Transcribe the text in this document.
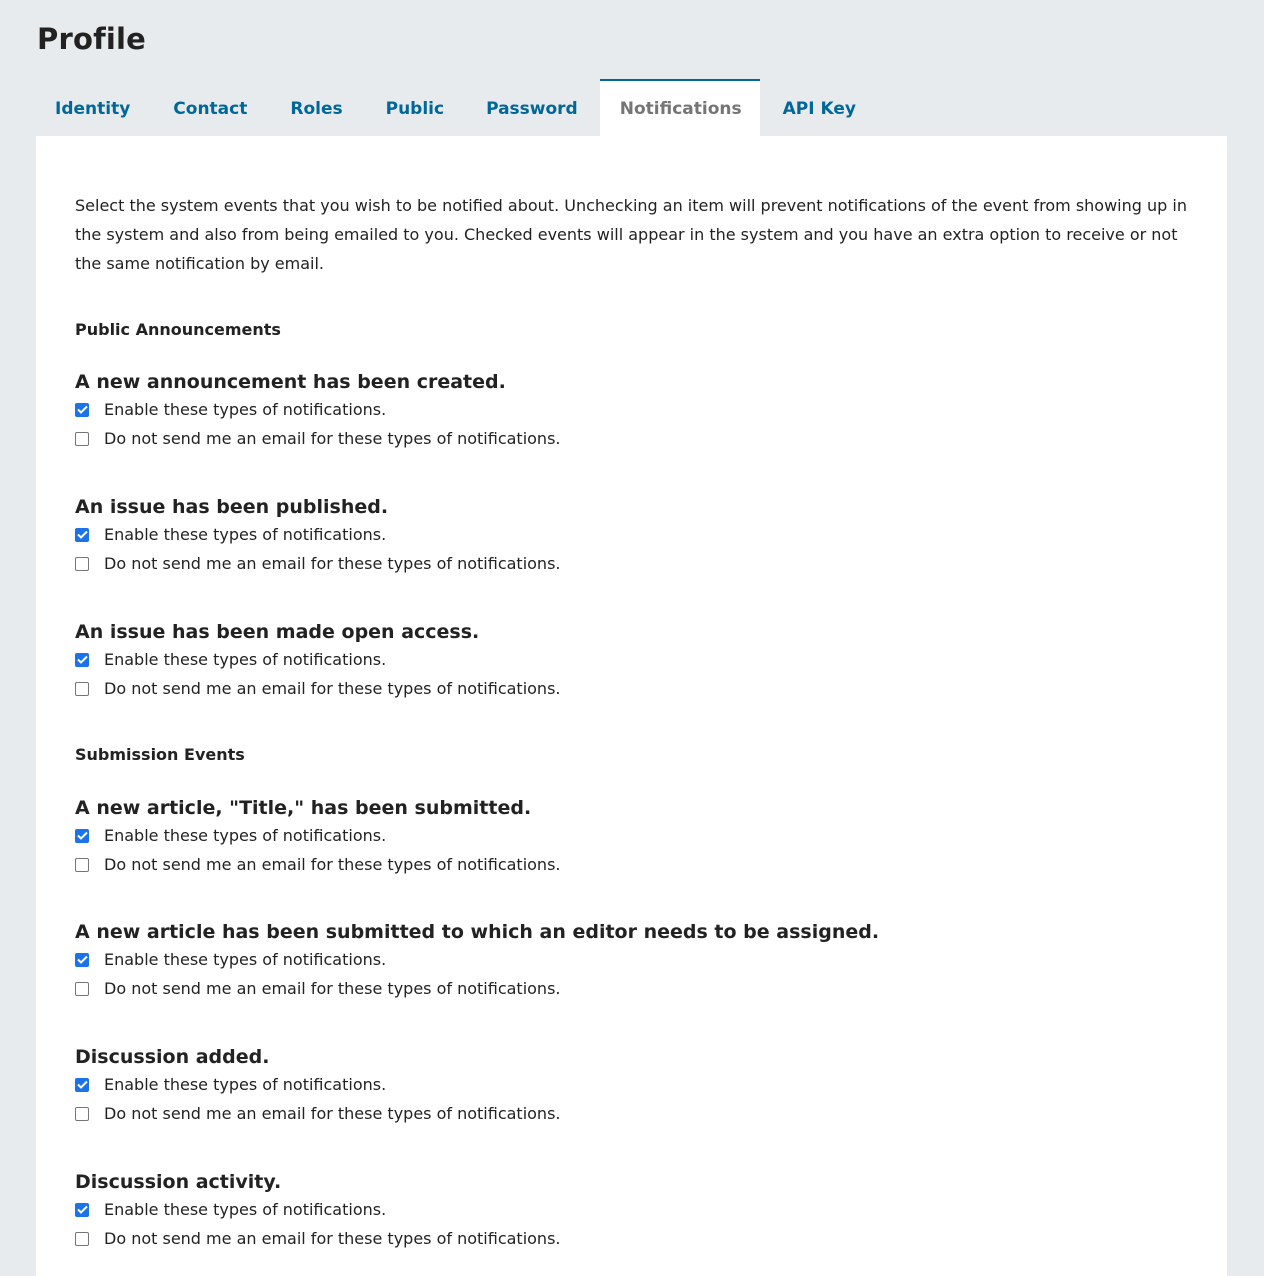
Profile
Identity	Contact	Roles	Public	Password	Notifications	API Key

Select the system events that you wish to be notified about. Unchecking an item will prevent notifications of the event from showing up in the system and also from being emailed to you. Checked events will appear in the system and you have an extra option to receive or not the same notification by email.

Public Announcements
A new announcement has been created.
Enable these types of notifications.
Do not send me an email for these types of notifications.
An issue has been published.
Enable these types of notifications.
Do not send me an email for these types of notifications.
An issue has been made open access.
Enable these types of notifications.
Do not send me an email for these types of notifications.
Submission Events
A new article, "Title," has been submitted.
Enable these types of notifications.
Do not send me an email for these types of notifications.
A new article has been submitted to which an editor needs to be assigned.
Enable these types of notifications.
Do not send me an email for these types of notifications.
Discussion added.
Enable these types of notifications.
Do not send me an email for these types of notifications.
Discussion activity.
Enable these types of notifications.
Do not send me an email for these types of notifications.
